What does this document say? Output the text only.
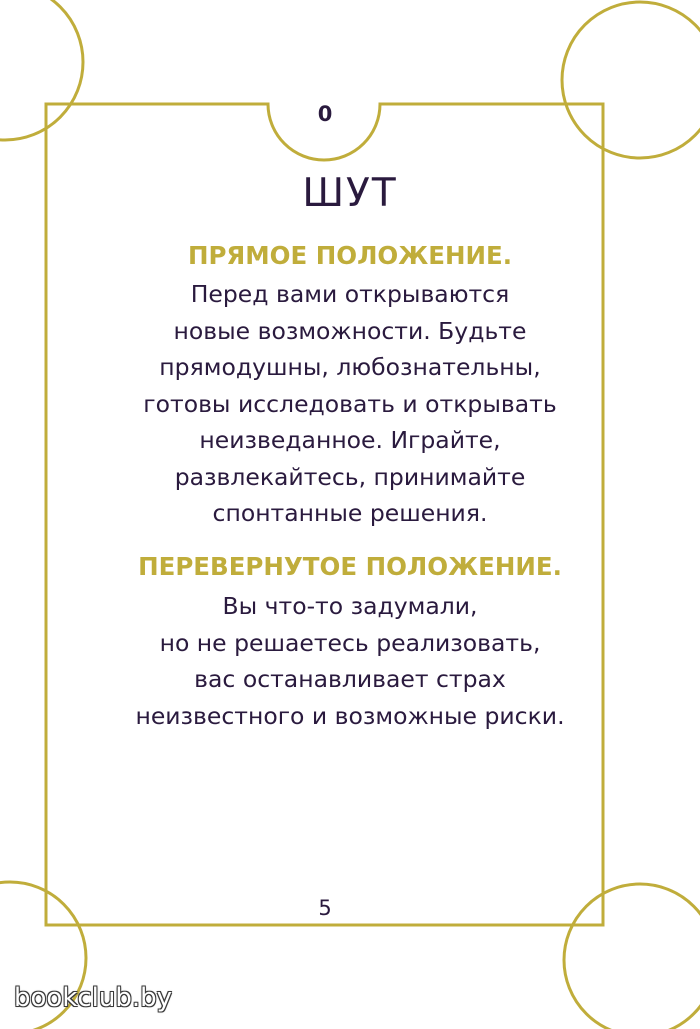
0
ШУТ
ПРЯМОЕ ПОЛОЖЕНИЕ.
Перед вами открываются
новые возможности. Будьте
прямодушны, любознательны,
готовы исследовать и открывать
неизведанное. Играйте,
развлекайтесь, принимайте
спонтанные решения.
ПЕРЕВЕРНУТОЕ ПОЛОЖЕНИЕ.
Вы что-то задумали,
но не решаетесь реализовать,
вас останавливает страх
неизвестного и возможные риски.
5
bookclub.by
